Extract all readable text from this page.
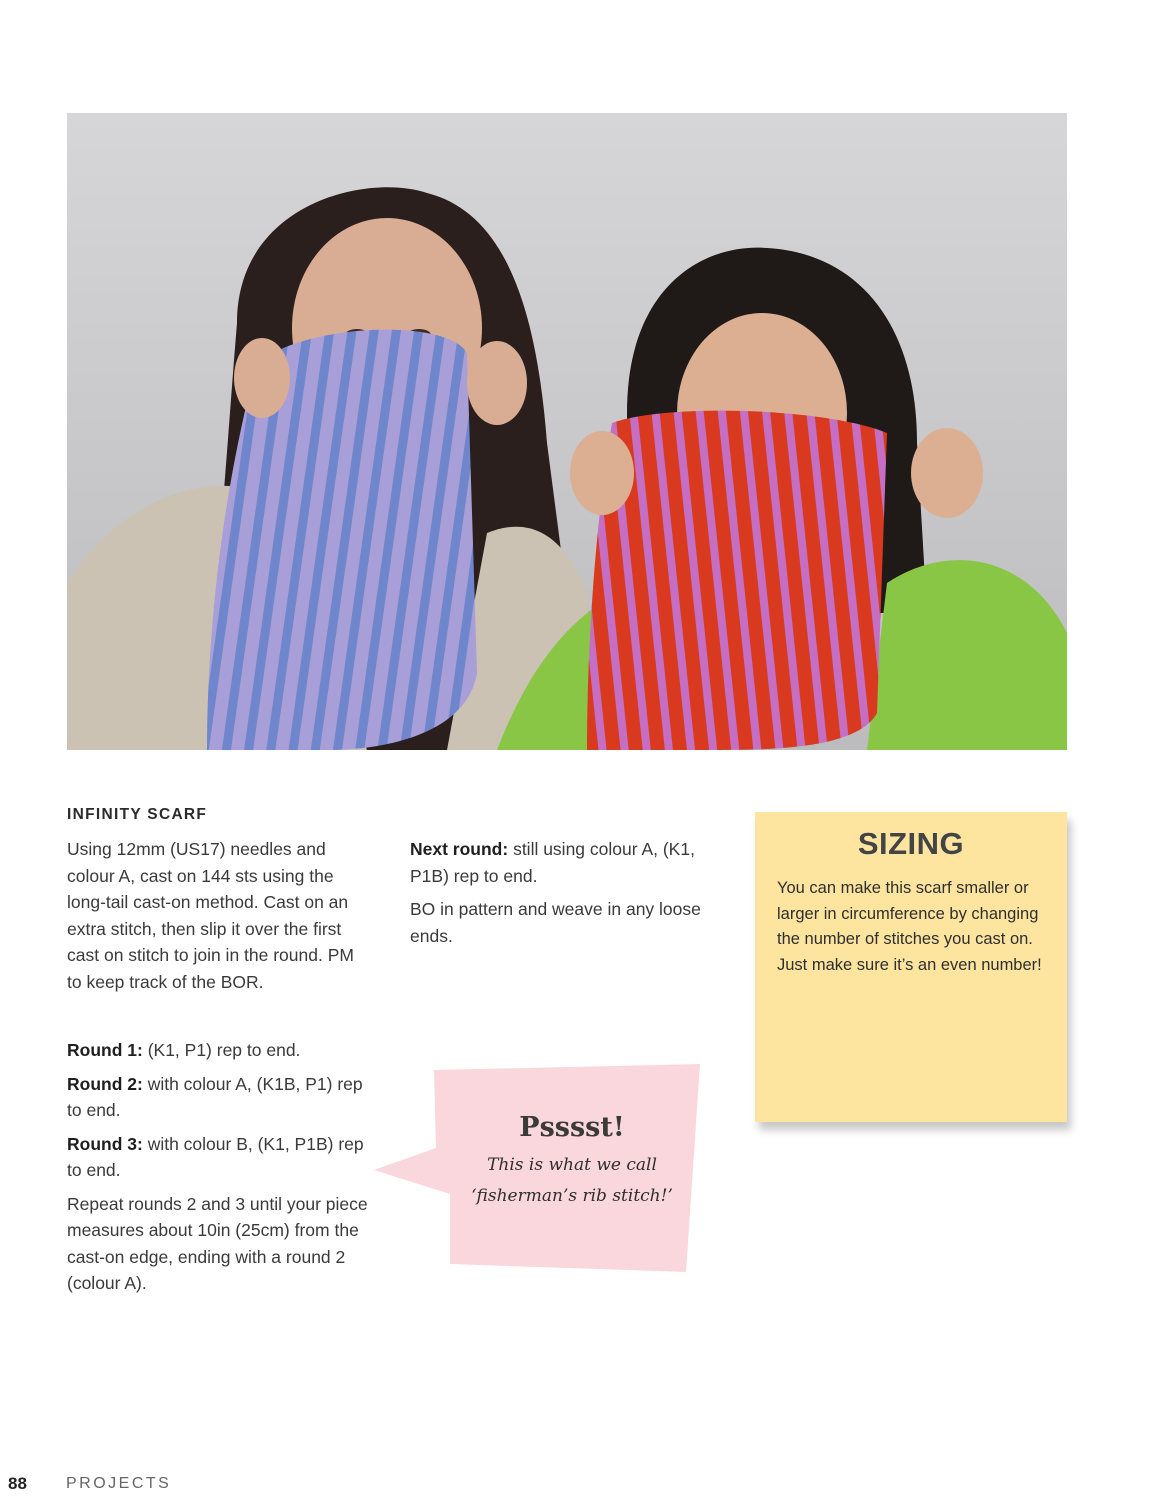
INFINITY SCARF

Using 12mm (US17) needles and colour A, cast on 144 sts using the long-tail cast-on method. Cast on an extra stitch, then slip it over the first cast on stitch to join in the round. PM to keep track of the BOR.

Round 1: (K1, P1) rep to end.

Round 2: with colour A, (K1B, P1) rep to end.

Round 3: with colour B, (K1, P1B) rep to end.

Repeat rounds 2 and 3 until your piece measures about 10in (25cm) from the cast-on edge, ending with a round 2 (colour A).

Next round: still using colour A, (K1, P1B) rep to end.

BO in pattern and weave in any loose ends.

SIZING
You can make this scarf smaller or larger in circumference by changing the number of stitches you cast on. Just make sure it’s an even number!
Psssst!
This is what we call
‘fisherman’s rib stitch!’
88 PROJECTS
